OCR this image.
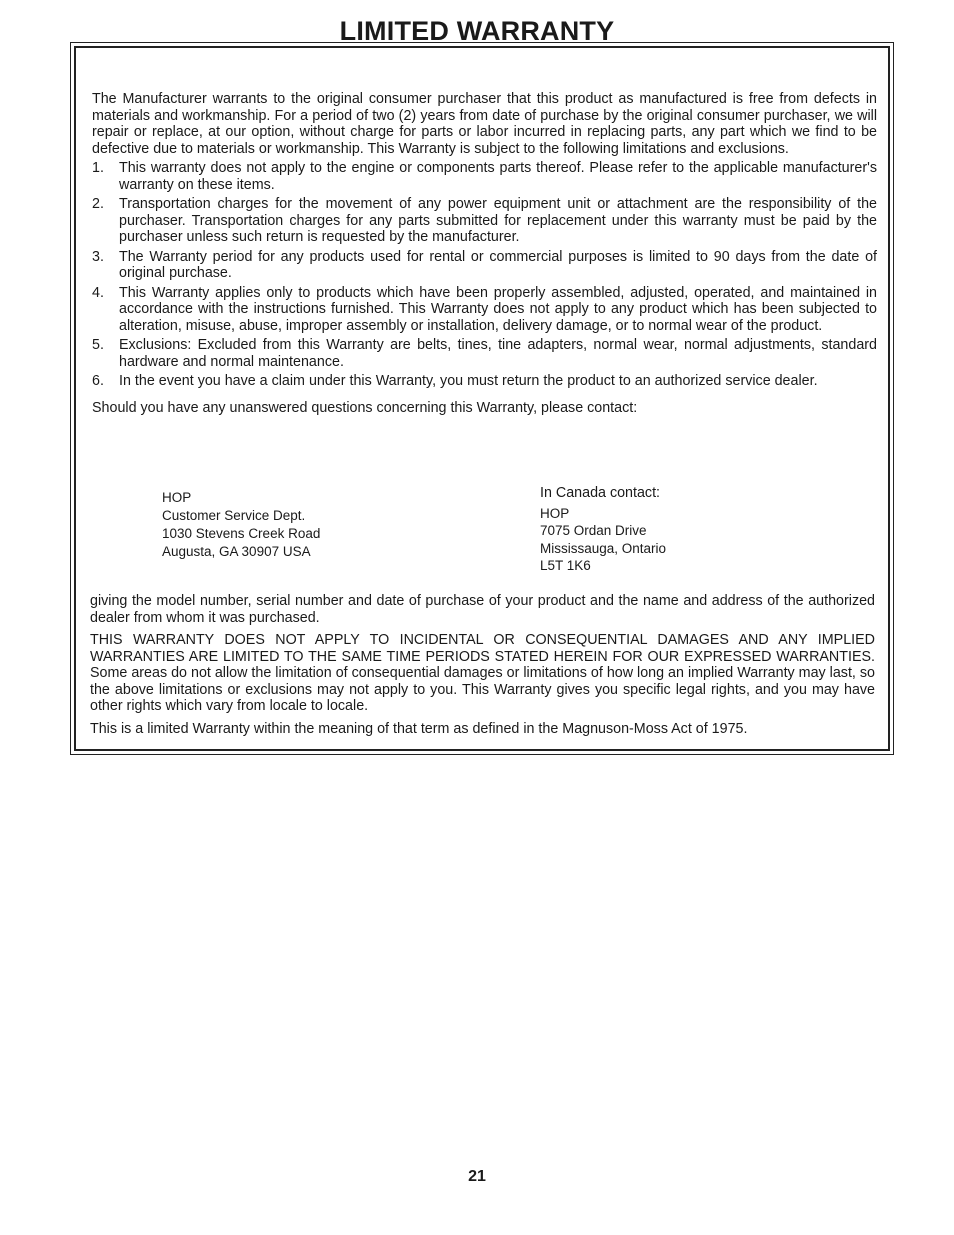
LIMITED WARRANTY

The Manufacturer warrants to the original consumer purchaser that this product as manufactured is free from defects in materials and workmanship. For a period of two (2) years from date of purchase by the original consumer purchaser, we will repair or replace, at our option, without charge for parts or labor incurred in replacing parts, any part which we find to be defective due to materials or workmanship. This Warranty is subject to the following limitations and exclusions.

1. This warranty does not apply to the engine or components parts thereof. Please refer to the applicable manufacturer's warranty on these items.
2. Transportation charges for the movement of any power equipment unit or attachment are the responsibility of the purchaser. Transportation charges for any parts submitted for replacement under this warranty must be paid by the purchaser unless such return is requested by the manufacturer.
3. The Warranty period for any products used for rental or commercial purposes is limited to 90 days from the date of original purchase.
4. This Warranty applies only to products which have been properly assembled, adjusted, operated, and maintained in accordance with the instructions furnished. This Warranty does not apply to any product which has been subjected to alteration, misuse, abuse, improper assembly or installation, delivery damage, or to normal wear of the product.
5. Exclusions: Excluded from this Warranty are belts, tines, tine adapters, normal wear, normal adjustments, standard hardware and normal maintenance.
6. In the event you have a claim under this Warranty, you must return the product to an authorized service dealer.

Should you have any unanswered questions concerning this Warranty, please contact:

HOP
Customer Service Dept.
1030 Stevens Creek Road
Augusta, GA 30907 USA
In Canada contact:
HOP
7075 Ordan Drive
Mississauga, Ontario
L5T 1K6

giving the model number, serial number and date of purchase of your product and the name and address of the authorized dealer from whom it was purchased.

THIS WARRANTY DOES NOT APPLY TO INCIDENTAL OR CONSEQUENTIAL DAMAGES AND ANY IMPLIED WARRANTIES ARE LIMITED TO THE SAME TIME PERIODS STATED HEREIN FOR OUR EXPRESSED WARRANTIES. Some areas do not allow the limitation of consequential damages or limitations of how long an implied Warranty may last, so the above limitations or exclusions may not apply to you. This Warranty gives you specific legal rights, and you may have other rights which vary from locale to locale.

This is a limited Warranty within the meaning of that term as defined in the Magnuson-Moss Act of 1975.

21
